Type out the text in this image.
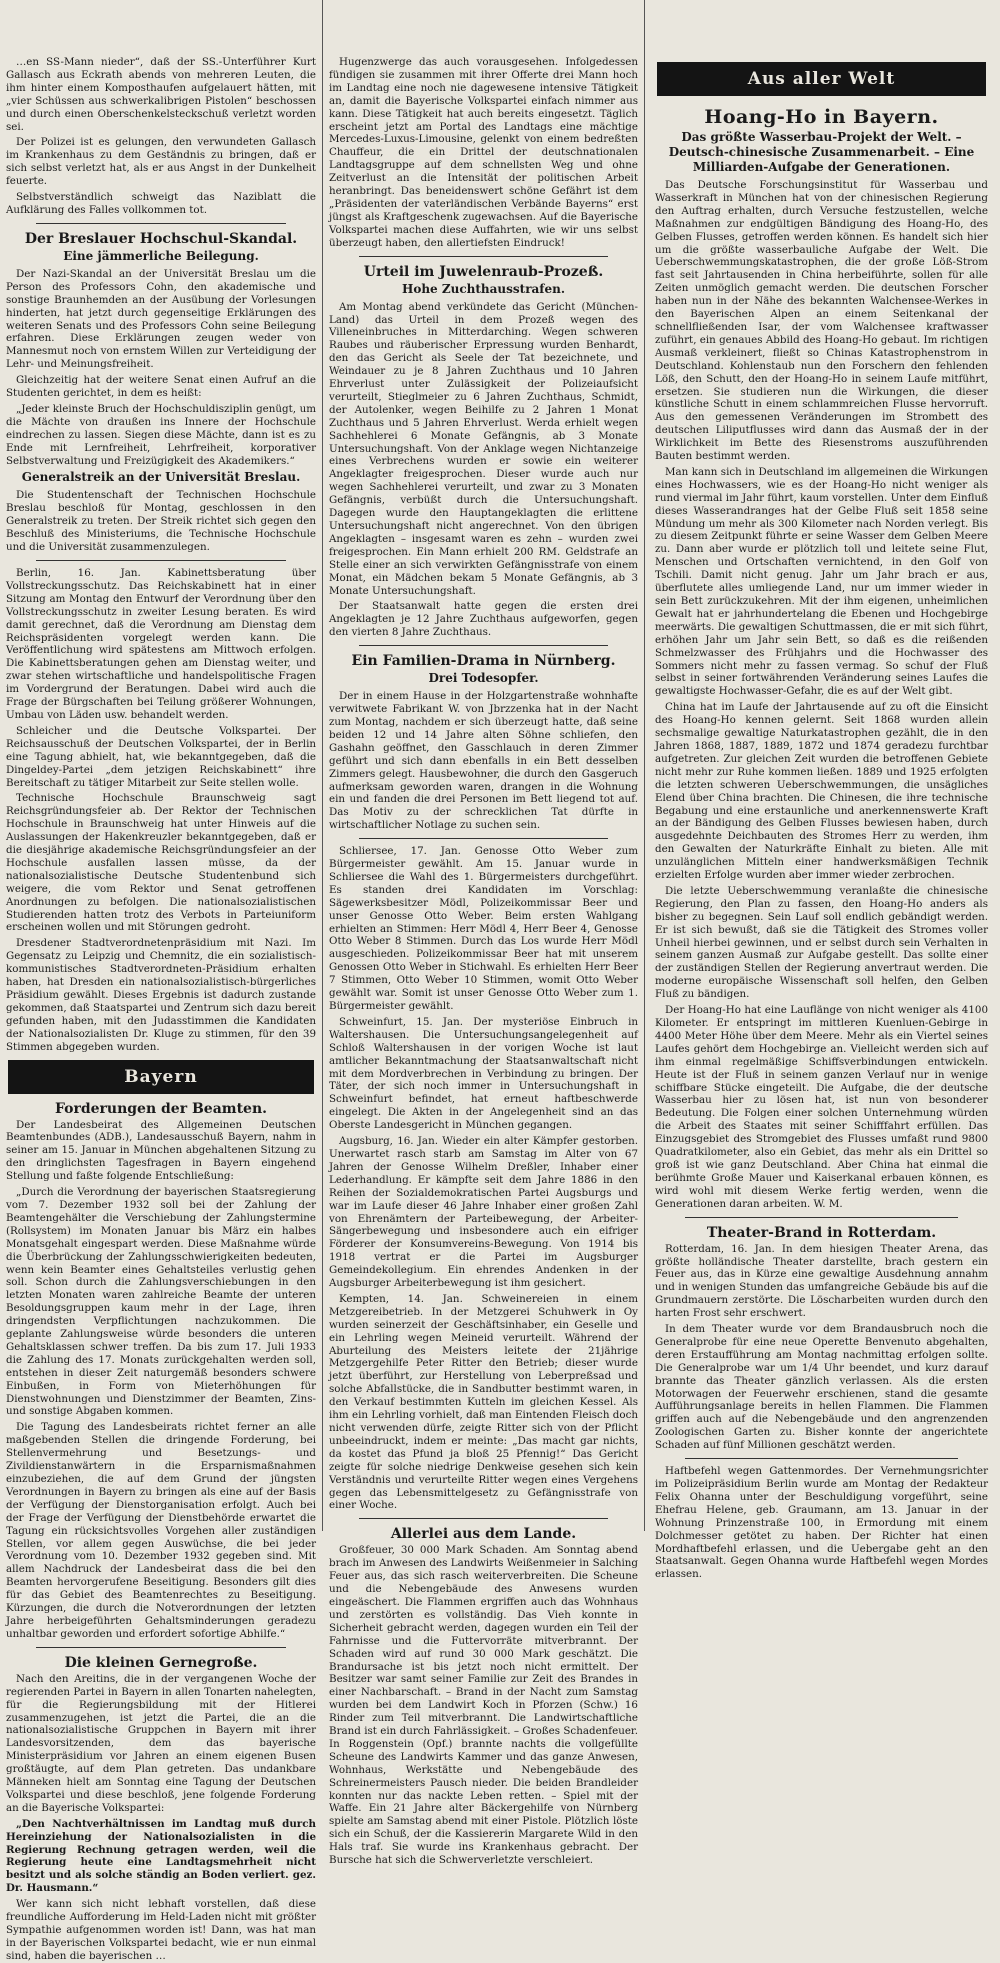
…en SS-Mann nieder“, daß der SS.-Unterführer Kurt Gallasch aus Eckrath abends von mehreren Leuten, die ihm hinter einem Komposthaufen aufgelauert hätten, mit „vier Schüssen aus schwerkalibrigen Pistolen“ beschossen und durch einen Oberschenkelsteckschuß verletzt worden sei.

Der Polizei ist es gelungen, den verwundeten Gallasch im Krankenhaus zu dem Geständnis zu bringen, daß er sich selbst verletzt hat, als er aus Angst in der Dunkelheit feuerte.

Selbstverständlich schweigt das Naziblatt die Aufklärung des Falles vollkommen tot.

Der Breslauer Hochschul-Skandal.
Eine jämmerliche Beilegung.

Der Nazi-Skandal an der Universität Breslau um die Person des Professors Cohn, den akademische und sonstige Braunhemden an der Ausübung der Vorlesungen hinderten, hat jetzt durch gegenseitige Erklärungen des weiteren Senats und des Professors Cohn seine Beilegung erfahren. Diese Erklärungen zeugen weder von Mannesmut noch von ernstem Willen zur Verteidigung der Lehr- und Meinungsfreiheit.

Gleichzeitig hat der weitere Senat einen Aufruf an die Studenten gerichtet, in dem es heißt:

„Jeder kleinste Bruch der Hochschuldisziplin genügt, um die Mächte von draußen ins Innere der Hochschule eindrechen zu lassen. Siegen diese Mächte, dann ist es zu Ende mit Lernfreiheit, Lehrfreiheit, korporativer Selbstverwaltung und Freizügigkeit des Akademikers.“

Generalstreik an der Universität Breslau.

Die Studentenschaft der Technischen Hochschule Breslau beschloß für Montag, geschlossen in den Generalstreik zu treten. Der Streik richtet sich gegen den Beschluß des Ministeriums, die Technische Hochschule und die Universität zusammenzulegen.

Berlin, 16. Jan. Kabinettsberatung über Vollstreckungsschutz. Das Reichskabinett hat in einer Sitzung am Montag den Entwurf der Verordnung über den Vollstreckungsschutz in zweiter Lesung beraten. Es wird damit gerechnet, daß die Verordnung am Dienstag dem Reichspräsidenten vorgelegt werden kann. Die Veröffentlichung wird spätestens am Mittwoch erfolgen. Die Kabinettsberatungen gehen am Dienstag weiter, und zwar stehen wirtschaftliche und handelspolitische Fragen im Vordergrund der Beratungen. Dabei wird auch die Frage der Bürgschaften bei Teilung größerer Wohnungen, Umbau von Läden usw. behandelt werden.

Schleicher und die Deutsche Volkspartei. Der Reichsausschuß der Deutschen Volkspartei, der in Berlin eine Tagung abhielt, hat, wie bekanntgegeben, daß die Dingeldey-Partei „dem jetzigen Reichskabinett“ ihre Bereitschaft zu tätiger Mitarbeit zur Seite stellen wolle.

Technische Hochschule Braunschweig sagt Reichsgründungsfeier ab. Der Rektor der Technischen Hochschule in Braunschweig hat unter Hinweis auf die Auslassungen der Hakenkreuzler bekanntgegeben, daß er die diesjährige akademische Reichsgründungsfeier an der Hochschule ausfallen lassen müsse, da der nationalsozialistische Deutsche Studentenbund sich weigere, die vom Rektor und Senat getroffenen Anordnungen zu befolgen. Die nationalsozialistischen Studierenden hatten trotz des Verbots in Parteiuniform erscheinen wollen und mit Störungen gedroht.

Dresdener Stadtverordnetenpräsidium mit Nazi. Im Gegensatz zu Leipzig und Chemnitz, die ein sozialistisch-kommunistisches Stadtverordneten-Präsidium erhalten haben, hat Dresden ein nationalsozialistisch-bürgerliches Präsidium gewählt. Dieses Ergebnis ist dadurch zustande gekommen, daß Staatspartei und Zentrum sich dazu bereit gefunden haben, mit den Judasstimmen die Kandidaten der Nationalsozialisten Dr. Kluge zu stimmen, für den 39 Stimmen abgegeben wurden.

Bayern
Forderungen der Beamten.

Der Landesbeirat des Allgemeinen Deutschen Beamtenbundes (ADB.), Landesausschuß Bayern, nahm in seiner am 15. Januar in München abgehaltenen Sitzung zu den dringlichsten Tagesfragen in Bayern eingehend Stellung und faßte folgende Entschließung:

„Durch die Verordnung der bayerischen Staatsregierung vom 7. Dezember 1932 soll bei der Zahlung der Beamtengehälter die Verschiebung der Zahlungstermine (Rollsystem) im Monaten Januar bis März ein halbes Monatsgehalt eingespart werden. Diese Maßnahme würde die Überbrückung der Zahlungsschwierigkeiten bedeuten, wenn kein Beamter eines Gehaltsteiles verlustig gehen soll. Schon durch die Zahlungsverschiebungen in den letzten Monaten waren zahlreiche Beamte der unteren Besoldungsgruppen kaum mehr in der Lage, ihren dringendsten Verpflichtungen nachzukommen. Die geplante Zahlungsweise würde besonders die unteren Gehaltsklassen schwer treffen. Da bis zum 17. Juli 1933 die Zahlung des 17. Monats zurückgehalten werden soll, entstehen in dieser Zeit naturgemäß besonders schwere Einbußen, in Form von Mieterhöhungen für Dienstwohnungen und Dienstzimmer der Beamten, Zins- und sonstige Abgaben kommen.

Die Tagung des Landesbeirats richtet ferner an alle maßgebenden Stellen die dringende Forderung, bei Stellenvermehrung und Besetzungs- und Zivildienstanwärtern in die Ersparnismaßnahmen einzubeziehen, die auf dem Grund der jüngsten Verordnungen in Bayern zu bringen als eine auf der Basis der Verfügung der Dienstorganisation erfolgt. Auch bei der Frage der Verfügung der Dienstbehörde erwartet die Tagung ein rücksichtsvolles Vorgehen aller zuständigen Stellen, vor allem gegen Auswüchse, die bei jeder Verordnung vom 10. Dezember 1932 gegeben sind. Mit allem Nachdruck der Landesbeirat dass die bei den Beamten hervorgerufene Beseitigung. Besonders gilt dies für das Gebiet des Beamtenrechtes zu Beseitigung. Kürzungen, die durch die Notverordnungen der letzten Jahre herbeigeführten Gehaltsminderungen geradezu unhaltbar geworden und erfordert sofortige Abhilfe.“

Die kleinen Gernegroße.

Nach den Areitins, die in der vergangenen Woche der regierenden Partei in Bayern in allen Tonarten nahelegten, für die Regierungsbildung mit der Hitlerei zusammenzugehen, ist jetzt die Partei, die an die nationalsozialistische Gruppchen in Bayern mit ihrer Landesvorsitzenden, dem das bayerische Ministerpräsidium vor Jahren an einem eigenen Busen großtäugte, auf dem Plan getreten. Das undankbare Männeken hielt am Sonntag eine Tagung der Deutschen Volkspartei und diese beschloß, jene folgende Forderung an die Bayerische Volkspartei:

„Den Nachtverhältnissen im Landtag muß durch Hereinziehung der Nationalsozialisten in die Regierung Rechnung getragen werden, weil die Regierung heute eine Landtagsmehrheit nicht besitzt und als solche ständig an Boden verliert. gez. Dr. Hausmann.“

Wer kann sich nicht lebhaft vorstellen, daß diese freundliche Aufforderung im Held-Laden nicht mit größter Sympathie aufgenommen worden ist! Dann, was hat man in der Bayerischen Volkspartei bedacht, wie er nun einmal sind, haben die bayerischen …

Hugenzwerge das auch vorausgesehen. Infolgedessen fündigen sie zusammen mit ihrer Offerte drei Mann hoch im Landtag eine noch nie dagewesene intensive Tätigkeit an, damit die Bayerische Volkspartei einfach nimmer aus kann. Diese Tätigkeit hat auch bereits eingesetzt. Täglich erscheint jetzt am Portal des Landtags eine mächtige Mercedes-Luxus-Limousine, gelenkt von einem bedreßten Chauffeur, die ein Drittel der deutschnationalen Landtagsgruppe auf dem schnellsten Weg und ohne Zeitverlust an die Intensität der politischen Arbeit heranbringt. Das beneidenswert schöne Gefährt ist dem „Präsidenten der vaterländischen Verbände Bayerns“ erst jüngst als Kraftgeschenk zugewachsen. Auf die Bayerische Volkspartei machen diese Auffahrten, wie wir uns selbst überzeugt haben, den allertiefsten Eindruck!

Urteil im Juwelenraub-Prozeß.
Hohe Zuchthausstrafen.

Am Montag abend verkündete das Gericht (München-Land) das Urteil in dem Prozeß wegen des Villeneinbruches in Mitterdarching. Wegen schweren Raubes und räuberischer Erpressung wurden Benhardt, den das Gericht als Seele der Tat bezeichnete, und Weindauer zu je 8 Jahren Zuchthaus und 10 Jahren Ehrverlust unter Zulässigkeit der Polizeiaufsicht verurteilt, Stieglmeier zu 6 Jahren Zuchthaus, Schmidt, der Autolenker, wegen Beihilfe zu 2 Jahren 1 Monat Zuchthaus und 5 Jahren Ehrverlust. Werda erhielt wegen Sachhehlerei 6 Monate Gefängnis, ab 3 Monate Untersuchungshaft. Von der Anklage wegen Nichtanzeige eines Verbrechens wurden er sowie ein weiterer Angeklagter freigesprochen. Dieser wurde auch nur wegen Sachhehlerei verurteilt, und zwar zu 3 Monaten Gefängnis, verbüßt durch die Untersuchungshaft. Dagegen wurde den Hauptangeklagten die erlittene Untersuchungshaft nicht angerechnet. Von den übrigen Angeklagten – insgesamt waren es zehn – wurden zwei freigesprochen. Ein Mann erhielt 200 RM. Geldstrafe an Stelle einer an sich verwirkten Gefängnisstrafe von einem Monat, ein Mädchen bekam 5 Monate Gefängnis, ab 3 Monate Untersuchungshaft.

Der Staatsanwalt hatte gegen die ersten drei Angeklagten je 12 Jahre Zuchthaus aufgeworfen, gegen den vierten 8 Jahre Zuchthaus.

Ein Familien-Drama in Nürnberg.
Drei Todesopfer.

Der in einem Hause in der Holzgartenstraße wohnhafte verwitwete Fabrikant W. von Jbrzzenka hat in der Nacht zum Montag, nachdem er sich überzeugt hatte, daß seine beiden 12 und 14 Jahre alten Söhne schliefen, den Gashahn geöffnet, den Gasschlauch in deren Zimmer geführt und sich dann ebenfalls in ein Bett desselben Zimmers gelegt. Hausbewohner, die durch den Gasgeruch aufmerksam geworden waren, drangen in die Wohnung ein und fanden die drei Personen im Bett liegend tot auf. Das Motiv zu der schrecklichen Tat dürfte in wirtschaftlicher Notlage zu suchen sein.

Schliersee, 17. Jan. Genosse Otto Weber zum Bürgermeister gewählt. Am 15. Januar wurde in Schliersee die Wahl des 1. Bürgermeisters durchgeführt. Es standen drei Kandidaten im Vorschlag: Sägewerksbesitzer Mödl, Polizeikommissar Beer und unser Genosse Otto Weber. Beim ersten Wahlgang erhielten an Stimmen: Herr Mödl 4, Herr Beer 4, Genosse Otto Weber 8 Stimmen. Durch das Los wurde Herr Mödl ausgeschieden. Polizeikommissar Beer hat mit unserem Genossen Otto Weber in Stichwahl. Es erhielten Herr Beer 7 Stimmen, Otto Weber 10 Stimmen, womit Otto Weber gewählt war. Somit ist unser Genosse Otto Weber zum 1. Bürgermeister gewählt.

Schweinfurt, 15. Jan. Der mysteriöse Einbruch in Waltershausen. Die Untersuchungsangelegenheit auf Schloß Waltershausen in der vorigen Woche ist laut amtlicher Bekanntmachung der Staatsanwaltschaft nicht mit dem Mordverbrechen in Verbindung zu bringen. Der Täter, der sich noch immer in Untersuchungshaft in Schweinfurt befindet, hat erneut haftbeschwerde eingelegt. Die Akten in der Angelegenheit sind an das Oberste Landesgericht in München gegangen.

Augsburg, 16. Jan. Wieder ein alter Kämpfer gestorben. Unerwartet rasch starb am Samstag im Alter von 67 Jahren der Genosse Wilhelm Dreßler, Inhaber einer Lederhandlung. Er kämpfte seit dem Jahre 1886 in den Reihen der Sozialdemokratischen Partei Augsburgs und war im Laufe dieser 46 Jahre Inhaber einer großen Zahl von Ehrenämtern der Parteibewegung, der Arbeiter-Sängerbewegung und insbesondere auch ein eifriger Förderer der Konsumvereins-Bewegung. Von 1914 bis 1918 vertrat er die Partei im Augsburger Gemeindekollegium. Ein ehrendes Andenken in der Augsburger Arbeiterbewegung ist ihm gesichert.

Kempten, 14. Jan. Schweinereien in einem Metzgereibetrieb. In der Metzgerei Schuhwerk in Oy wurden seinerzeit der Geschäftsinhaber, ein Geselle und ein Lehrling wegen Meineid verurteilt. Während der Aburteilung des Meisters leitete der 21jährige Metzgergehilfe Peter Ritter den Betrieb; dieser wurde jetzt überführt, zur Herstellung von Leberpreßsad und solche Abfallstücke, die in Sandbutter bestimmt waren, in den Verkauf bestimmten Kutteln im gleichen Kessel. Als ihm ein Lehrling vorhielt, daß man Eintenden Fleisch doch nicht verwenden dürfe, zeigte Ritter sich von der Pflicht unbeeindruckt, indem er meinte: „Das macht gar nichts, da kostet das Pfund ja bloß 25 Pfennig!“ Das Gericht zeigte für solche niedrige Denkweise gesehen sich kein Verständnis und verurteilte Ritter wegen eines Vergehens gegen das Lebensmittelgesetz zu Gefängnisstrafe von einer Woche.

Allerlei aus dem Lande.

Großfeuer, 30 000 Mark Schaden. Am Sonntag abend brach im Anwesen des Landwirts Weißenmeier in Salching Feuer aus, das sich rasch weiterverbreiten. Die Scheune und die Nebengebäude des Anwesens wurden eingeäschert. Die Flammen ergriffen auch das Wohnhaus und zerstörten es vollständig. Das Vieh konnte in Sicherheit gebracht werden, dagegen wurden ein Teil der Fahrnisse und die Futtervorräte mitverbrannt. Der Schaden wird auf rund 30 000 Mark geschätzt. Die Brandursache ist bis jetzt noch nicht ermittelt. Der Besitzer war samt seiner Familie zur Zeit des Brandes in einer Nachbarschaft. – Brand in der Nacht zum Samstag wurden bei dem Landwirt Koch in Pforzen (Schw.) 16 Rinder zum Teil mitverbrannt. Die Landwirtschaftliche Brand ist ein durch Fahrlässigkeit. – Großes Schadenfeuer. In Roggenstein (Opf.) brannte nachts die vollgefüllte Scheune des Landwirts Kammer und das ganze Anwesen, Wohnhaus, Werkstätte und Nebengebäude des Schreinermeisters Pausch nieder. Die beiden Brandleider konnten nur das nackte Leben retten. – Spiel mit der Waffe. Ein 21 Jahre alter Bäckergehilfe von Nürnberg spielte am Samstag abend mit einer Pistole. Plötzlich löste sich ein Schuß, der die Kassiererin Margarete Wild in den Hals traf. Sie wurde ins Krankenhaus gebracht. Der Bursche hat sich die Schwerverletzte verschleiert.

Aus aller Welt
Hoang-Ho in Bayern.
Das größte Wasserbau-Projekt der Welt. – Deutsch-chinesische Zusammenarbeit. – Eine Milliarden-Aufgabe der Generationen.

Das Deutsche Forschungsinstitut für Wasserbau und Wasserkraft in München hat von der chinesischen Regierung den Auftrag erhalten, durch Versuche festzustellen, welche Maßnahmen zur endgültigen Bändigung des Hoang-Ho, des Gelben Flusses, getroffen werden können. Es handelt sich hier um die größte wasserbauliche Aufgabe der Welt. Die Ueberschwemmungskatastrophen, die der große Löß-Strom fast seit Jahrtausenden in China herbeiführte, sollen für alle Zeiten unmöglich gemacht werden. Die deutschen Forscher haben nun in der Nähe des bekannten Walchensee-Werkes in den Bayerischen Alpen an einem Seitenkanal der schnellfließenden Isar, der vom Walchensee kraftwasser zuführt, ein genaues Abbild des Hoang-Ho gebaut. Im richtigen Ausmaß verkleinert, fließt so Chinas Katastrophenstrom in Deutschland. Kohlenstaub nun den Forschern den fehlenden Löß, den Schutt, den der Hoang-Ho in seinem Laufe mitführt, ersetzen. Sie studieren nun die Wirkungen, die dieser künstliche Schutt in einem schlammreichen Flusse hervorruft. Aus den gemessenen Veränderungen im Strombett des deutschen Liliputflusses wird dann das Ausmaß der in der Wirklichkeit im Bette des Riesenstroms auszuführenden Bauten bestimmt werden.

Man kann sich in Deutschland im allgemeinen die Wirkungen eines Hochwassers, wie es der Hoang-Ho nicht weniger als rund viermal im Jahr führt, kaum vorstellen. Unter dem Einfluß dieses Wasserandranges hat der Gelbe Fluß seit 1858 seine Mündung um mehr als 300 Kilometer nach Norden verlegt. Bis zu diesem Zeitpunkt führte er seine Wasser dem Gelben Meere zu. Dann aber wurde er plötzlich toll und leitete seine Flut, Menschen und Ortschaften vernichtend, in den Golf von Tschili. Damit nicht genug. Jahr um Jahr brach er aus, überflutete alles umliegende Land, nur um immer wieder in sein Bett zurückzukehren. Mit der ihm eigenen, unheimlichen Gewalt hat er jahrhundertelang die Ebenen und Hochgebirge meerwärts. Die gewaltigen Schuttmassen, die er mit sich führt, erhöhen Jahr um Jahr sein Bett, so daß es die reißenden Schmelzwasser des Frühjahrs und die Hochwasser des Sommers nicht mehr zu fassen vermag. So schuf der Fluß selbst in seiner fortwährenden Veränderung seines Laufes die gewaltigste Hochwasser-Gefahr, die es auf der Welt gibt.

China hat im Laufe der Jahrtausende auf zu oft die Einsicht des Hoang-Ho kennen gelernt. Seit 1868 wurden allein sechsmalige gewaltige Naturkatastrophen gezählt, die in den Jahren 1868, 1887, 1889, 1872 und 1874 geradezu furchtbar aufgetreten. Zur gleichen Zeit wurden die betroffenen Gebiete nicht mehr zur Ruhe kommen ließen. 1889 und 1925 erfolgten die letzten schweren Ueberschwemmungen, die unsägliches Elend über China brachten. Die Chinesen, die ihre technische Begabung und eine erstaunliche und anerkennenswerte Kraft an der Bändigung des Gelben Flusses bewiesen haben, durch ausgedehnte Deichbauten des Stromes Herr zu werden, ihm den Gewalten der Naturkräfte Einhalt zu bieten. Alle mit unzulänglichen Mitteln einer handwerksmäßigen Technik erzielten Erfolge wurden aber immer wieder zerbrochen.

Die letzte Ueberschwemmung veranlaßte die chinesische Regierung, den Plan zu fassen, den Hoang-Ho anders als bisher zu begegnen. Sein Lauf soll endlich gebändigt werden. Er ist sich bewußt, daß sie die Tätigkeit des Stromes voller Unheil hierbei gewinnen, und er selbst durch sein Verhalten in seinem ganzen Ausmaß zur Aufgabe gestellt. Das sollte einer der zuständigen Stellen der Regierung anvertraut werden. Die moderne europäische Wissenschaft soll helfen, den Gelben Fluß zu bändigen.

Der Hoang-Ho hat eine Lauflänge von nicht weniger als 4100 Kilometer. Er entspringt im mittleren Kuenluen-Gebirge in 4400 Meter Höhe über dem Meere. Mehr als ein Viertel seines Laufes gehört dem Hochgebirge an. Vielleicht werden sich auf ihm einmal regelmäßige Schiffsverbindungen entwickeln. Heute ist der Fluß in seinem ganzen Verlauf nur in wenige schiffbare Stücke eingeteilt. Die Aufgabe, die der deutsche Wasserbau hier zu lösen hat, ist nun von besonderer Bedeutung. Die Folgen einer solchen Unternehmung würden die Arbeit des Staates mit seiner Schifffahrt erfüllen. Das Einzugsgebiet des Stromgebiet des Flusses umfaßt rund 9800 Quadratkilometer, also ein Gebiet, das mehr als ein Drittel so groß ist wie ganz Deutschland. Aber China hat einmal die berühmte Große Mauer und Kaiserkanal erbauen können, es wird wohl mit diesem Werke fertig werden, wenn die Generationen daran arbeiten. W. M.

Theater-Brand in Rotterdam.

Rotterdam, 16. Jan. In dem hiesigen Theater Arena, das größte holländische Theater darstellte, brach gestern ein Feuer aus, das in Kürze eine gewaltige Ausdehnung annahm und in wenigen Stunden das umfangreiche Gebäude bis auf die Grundmauern zerstörte. Die Löscharbeiten wurden durch den harten Frost sehr erschwert.

In dem Theater wurde vor dem Brandausbruch noch die Generalprobe für eine neue Operette Benvenuto abgehalten, deren Erstaufführung am Montag nachmittag erfolgen sollte. Die Generalprobe war um 1/4 Uhr beendet, und kurz darauf brannte das Theater gänzlich verlassen. Als die ersten Motorwagen der Feuerwehr erschienen, stand die gesamte Aufführungsanlage bereits in hellen Flammen. Die Flammen griffen auch auf die Nebengebäude und den angrenzenden Zoologischen Garten zu. Bisher konnte der angerichtete Schaden auf fünf Millionen geschätzt werden.

Haftbefehl wegen Gattenmordes. Der Vernehmungsrichter im Polizeipräsidium Berlin wurde am Montag der Redakteur Felix Ohanna unter der Beschuldigung vorgeführt, seine Ehefrau Helene, geb. Graumann, am 13. Januar in der Wohnung Prinzenstraße 100, in Ermordung mit einem Dolchmesser getötet zu haben. Der Richter hat einen Mordhaftbefehl erlassen, und die Uebergabe geht an den Staatsanwalt. Gegen Ohanna wurde Haftbefehl wegen Mordes erlassen.
